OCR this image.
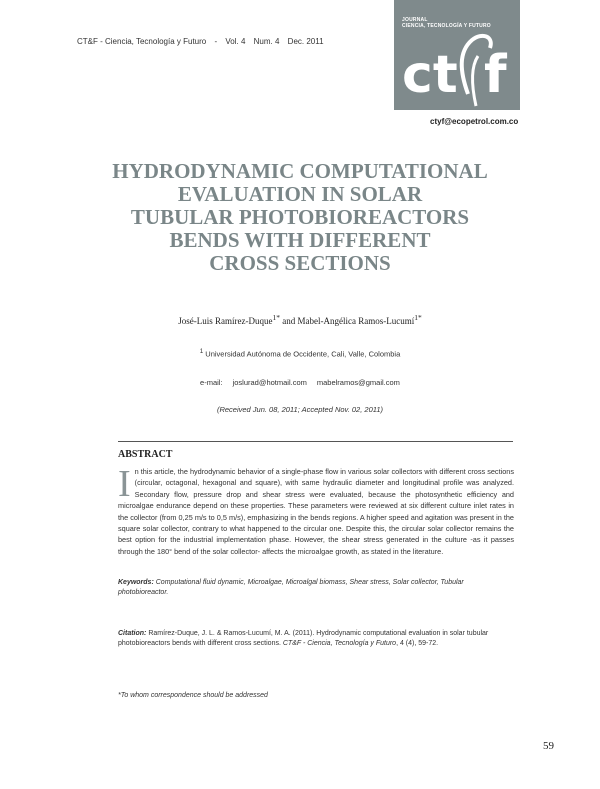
CT&F - Ciencia, Tecnología y Futuro - Vol. 4 Num. 4 Dec. 2011
JOURNAL
CIENCIA, TECNOLOGÍA Y FUTURO
ct f
ctyf@ecopetrol.com.co
HYDRODYNAMIC COMPUTATIONAL
EVALUATION IN SOLAR
TUBULAR PHOTOBIOREACTORS
BENDS WITH DIFFERENT
CROSS SECTIONS
José-Luis Ramírez-Duque$^{1*}$ and Mabel-Angélica Ramos-Lucumí$^{1*}$
$^1$ Universidad Autónoma de Occidente, Cali, Valle, Colombia
e-mail: joslurad@hotmail.com mabelramos@gmail.com
(Received Jun. 08, 2011; Accepted Nov. 02, 2011)
ABSTRACT
In this article, the hydrodynamic behavior of a single-phase flow in various solar collectors with different cross sections (circular, octagonal, hexagonal and square), with same hydraulic diameter and longitudinal profile was analyzed. Secondary flow, pressure drop and shear stress were evaluated, because the photosynthetic efficiency and microalgae endurance depend on these properties. These parameters were reviewed at six different culture inlet rates in the collector (from 0,25 m/s to 0,5 m/s), emphasizing in the bends regions. A higher speed and agitation was present in the square solar collector, contrary to what happened to the circular one. Despite this, the circular solar collector remains the best option for the industrial implementation phase. However, the shear stress generated in the culture -as it passes through the 180° bend of the solar collector- affects the microalgae growth, as stated in the literature.
Keywords: Computational fluid dynamic, Microalgae, Microalgal biomass, Shear stress, Solar collector, Tubular photobioreactor.
Citation: Ramírez-Duque, J. L. & Ramos-Lucumí, M. A. (2011). Hydrodynamic computational evaluation in solar tubular photobioreactors bends with different cross sections. CT&F - Ciencia, Tecnología y Futuro, 4 (4), 59-72.
*To whom correspondence should be addressed
59
